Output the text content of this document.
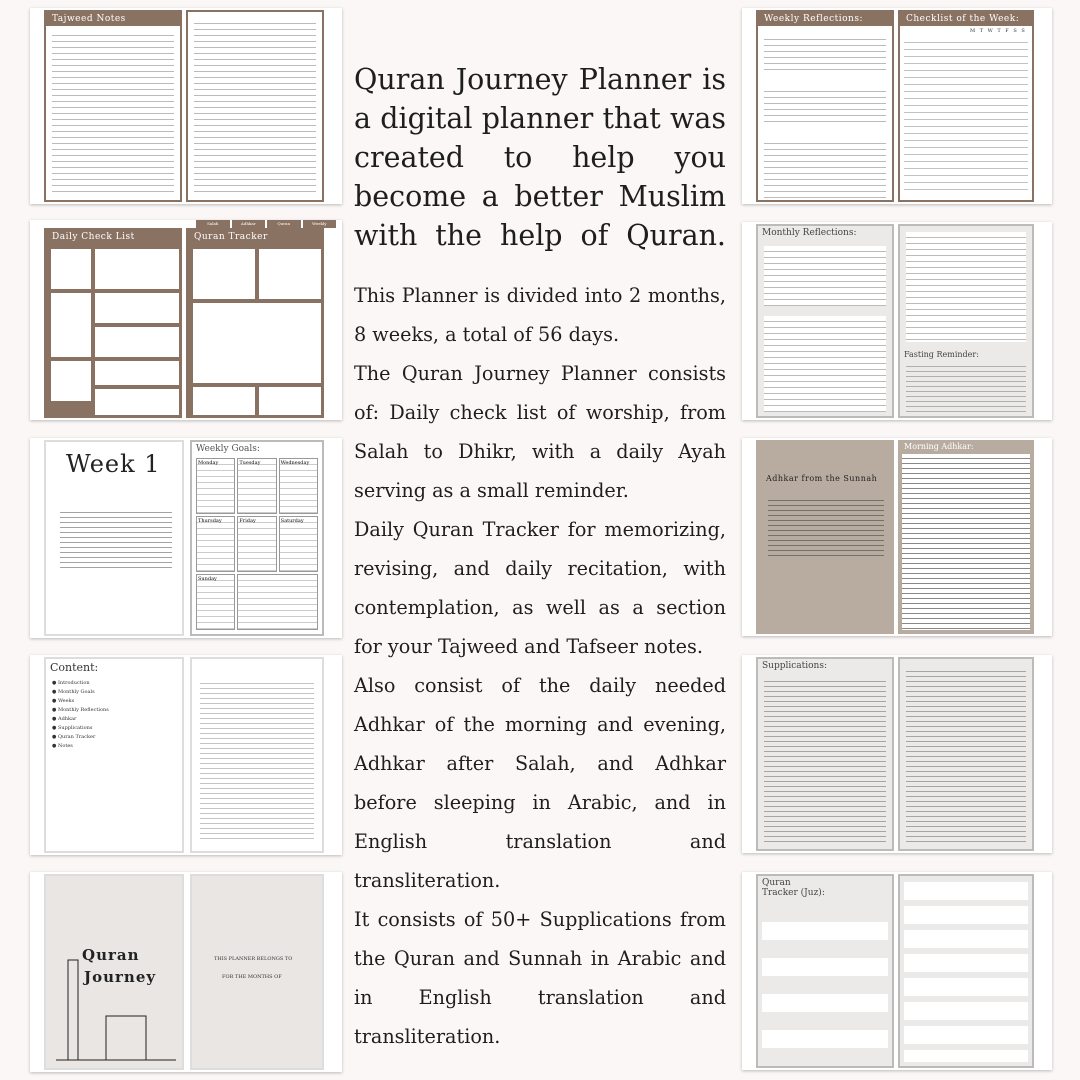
Tajweed Notes
Salah	Adhkar	Quran	Weekly
Daily Check List	Quran Tracker
Week 1
Weekly Goals:
Monday	Tuesday	Wednesday
Thursday	Friday	Saturday
Sunday
Content:
● Introduction
● Monthly Goals
● Weeks
● Monthly Reflections
● Adhkar
● Supplications
● Quran Tracker
● Notes
Quran
Journey
THIS PLANNER BELONGS TO
FOR THE MONTHS OF
Quran Journey Planner is a digital planner that was created to help you become a better Muslim with the help of Quran.

This Planner is divided into 2 months, 8 weeks, a total of 56 days.

The Quran Journey Planner consists of: Daily check list of worship, from Salah to Dhikr, with a daily Ayah serving as a small reminder.

Daily Quran Tracker for memorizing, revising, and daily recitation, with contemplation, as well as a section for your Tajweed and Tafseer notes.

Also consist of the daily needed Adhkar of the morning and evening, Adhkar after Salah, and Adhkar before sleeping in Arabic, and in English translation and transliteration.

It consists of 50+ Supplications from the Quran and Sunnah in Arabic and in English translation and transliteration.

Weekly Reflections:	Checklist of the Week:
M T W T F S S
Monthly Reflections:
Fasting Reminder:
Adhkar from the Sunnah
Morning Adhkar:
Supplications:
Quran
Tracker (Juz):
